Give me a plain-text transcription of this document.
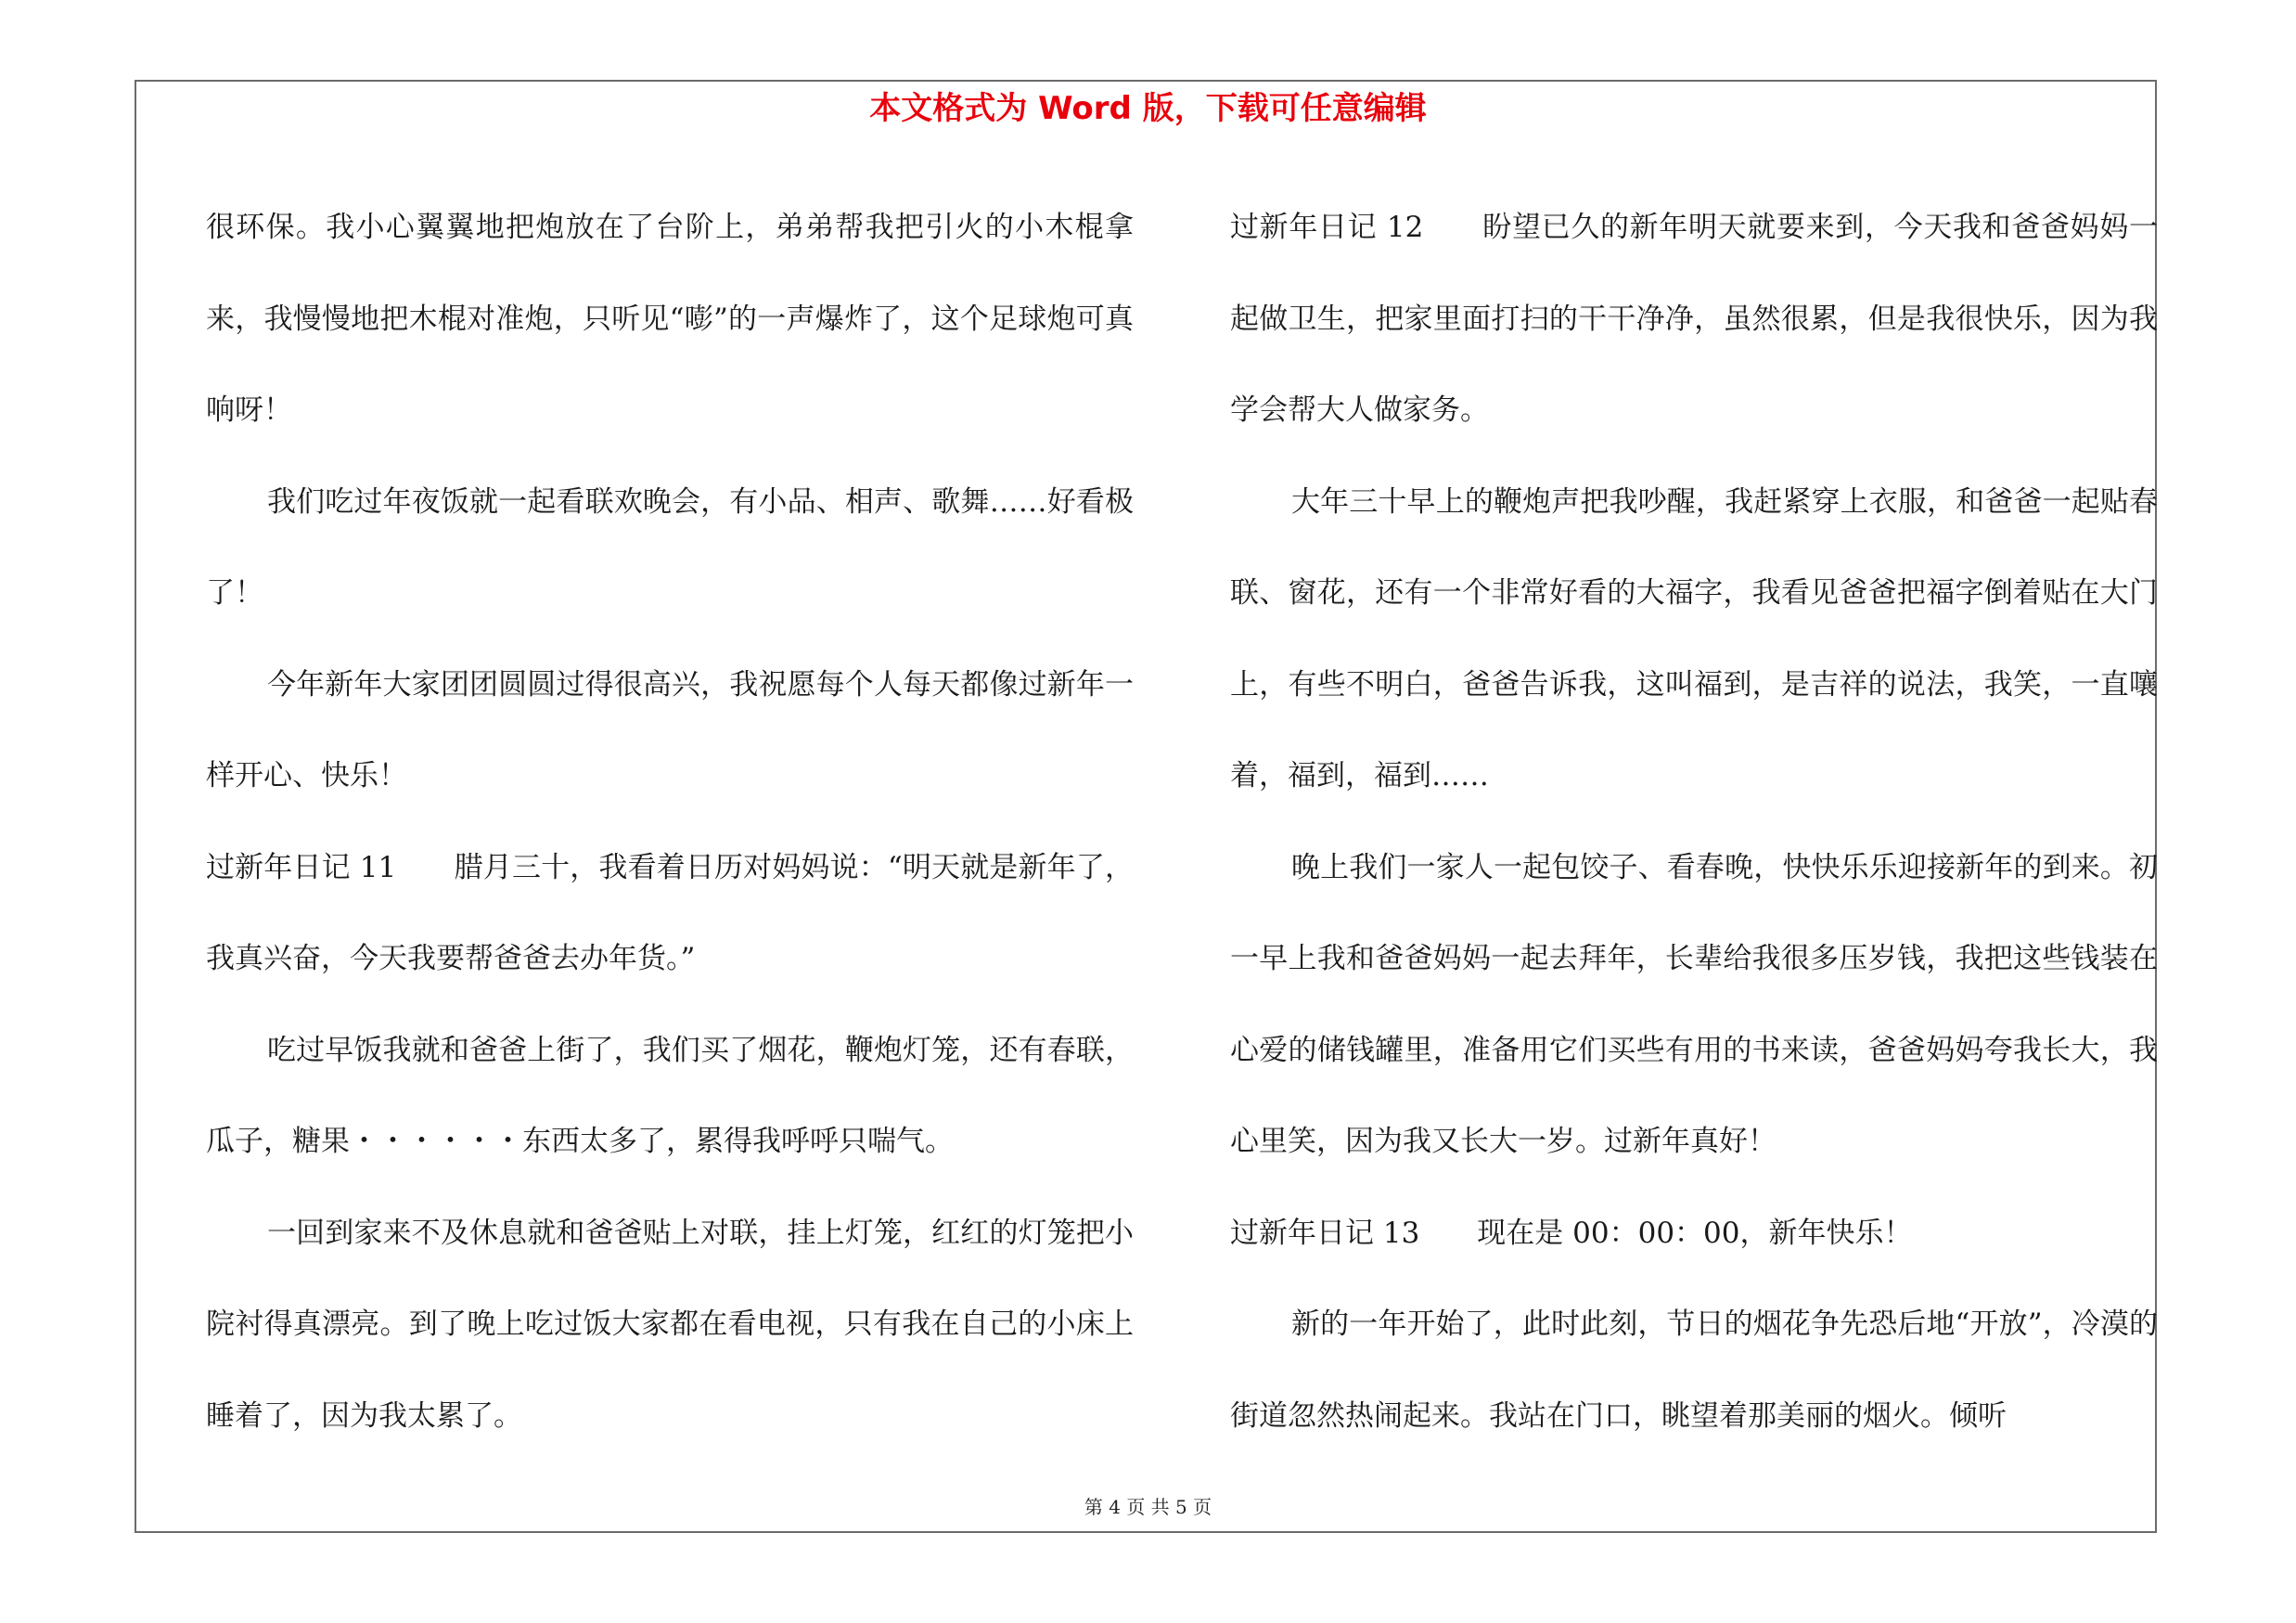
本文格式为 Word 版，下载可任意编辑

很环保。我小心翼翼地把炮放在了台阶上，弟弟帮我把引火的小木棍拿来，我慢慢地把木棍对准炮，只听见“嘭”的一声爆炸了，这个足球炮可真响呀！

我们吃过年夜饭就一起看联欢晚会，有小品、相声、歌舞……好看极了！

今年新年大家团团圆圆过得很高兴，我祝愿每个人每天都像过新年一样开心、快乐！

过新年日记 11　　腊月三十，我看着日历对妈妈说：“明天就是新年了，我真兴奋，今天我要帮爸爸去办年货。”

吃过早饭我就和爸爸上街了，我们买了烟花，鞭炮灯笼，还有春联，瓜子，糖果・・・・・・东西太多了，累得我呼呼只喘气。

一回到家来不及休息就和爸爸贴上对联，挂上灯笼，红红的灯笼把小院衬得真漂亮。到了晚上吃过饭大家都在看电视，只有我在自己的小床上睡着了，因为我太累了。

过新年日记 12　　盼望已久的新年明天就要来到，今天我和爸爸妈妈一起做卫生，把家里面打扫的干干净净，虽然很累，但是我很快乐，因为我学会帮大人做家务。

大年三十早上的鞭炮声把我吵醒，我赶紧穿上衣服，和爸爸一起贴春联、窗花，还有一个非常好看的大福字，我看见爸爸把福字倒着贴在大门上，有些不明白，爸爸告诉我，这叫福到，是吉祥的说法，我笑，一直嚷着，福到，福到……

晚上我们一家人一起包饺子、看春晚，快快乐乐迎接新年的到来。初一早上我和爸爸妈妈一起去拜年，长辈给我很多压岁钱，我把这些钱装在心爱的储钱罐里，准备用它们买些有用的书来读，爸爸妈妈夸我长大，我心里笑，因为我又长大一岁。过新年真好！

过新年日记 13　　现在是 00：00：00，新年快乐！

新的一年开始了，此时此刻，节日的烟花争先恐后地“开放”，冷漠的街道忽然热闹起来。我站在门口，眺望着那美丽的烟火。倾听

第 4 页 共 5 页
